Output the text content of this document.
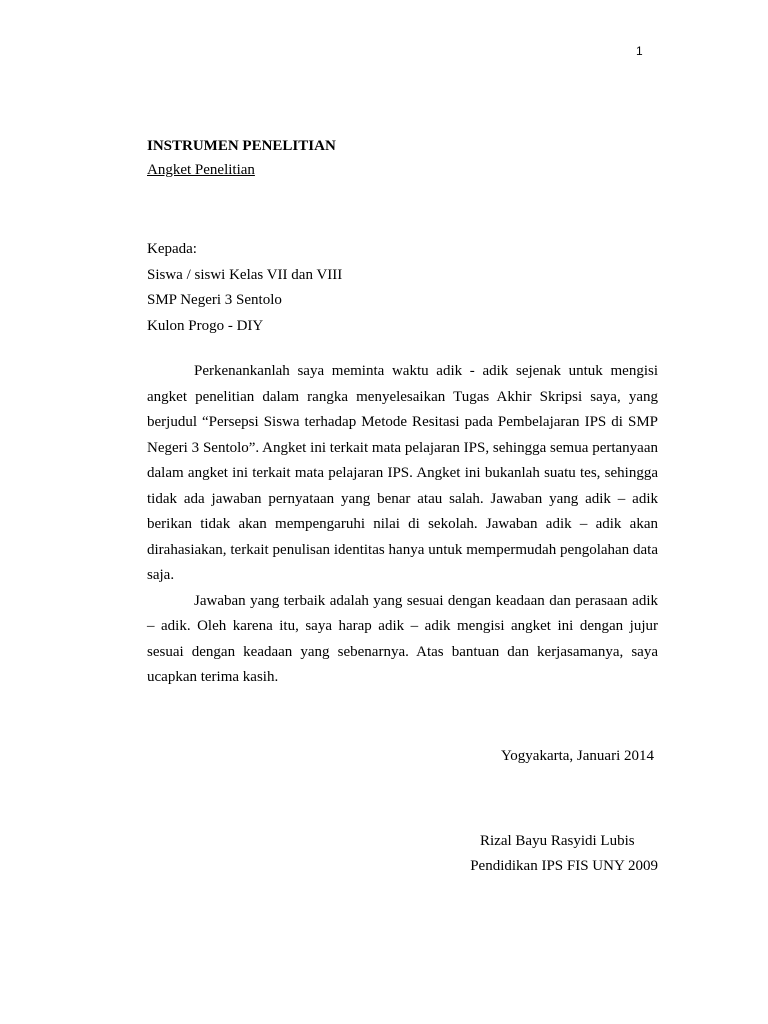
1
INSTRUMEN PENELITIAN
Angket Penelitian
Kepada:
Siswa / siswi Kelas VII dan VIII
SMP Negeri 3 Sentolo
Kulon Progo - DIY

Perkenankanlah saya meminta waktu adik - adik sejenak untuk mengisi angket penelitian dalam rangka menyelesaikan Tugas Akhir Skripsi saya, yang berjudul “Persepsi Siswa terhadap Metode Resitasi pada Pembelajaran IPS di SMP Negeri 3 Sentolo”. Angket ini terkait mata pelajaran IPS, sehingga semua pertanyaan dalam angket ini terkait mata pelajaran IPS. Angket ini bukanlah suatu tes, sehingga tidak ada jawaban pernyataan yang benar atau salah. Jawaban yang adik – adik berikan tidak akan mempengaruhi nilai di sekolah. Jawaban adik – adik akan dirahasiakan, terkait penulisan identitas hanya untuk mempermudah pengolahan data saja.

Jawaban yang terbaik adalah yang sesuai dengan keadaan dan perasaan adik – adik. Oleh karena itu, saya harap adik – adik mengisi angket ini dengan jujur sesuai dengan keadaan yang sebenarnya. Atas bantuan dan kerjasamanya, saya ucapkan terima kasih.

Yogyakarta, Januari 2014
Rizal Bayu Rasyidi Lubis
Pendidikan IPS FIS UNY 2009
